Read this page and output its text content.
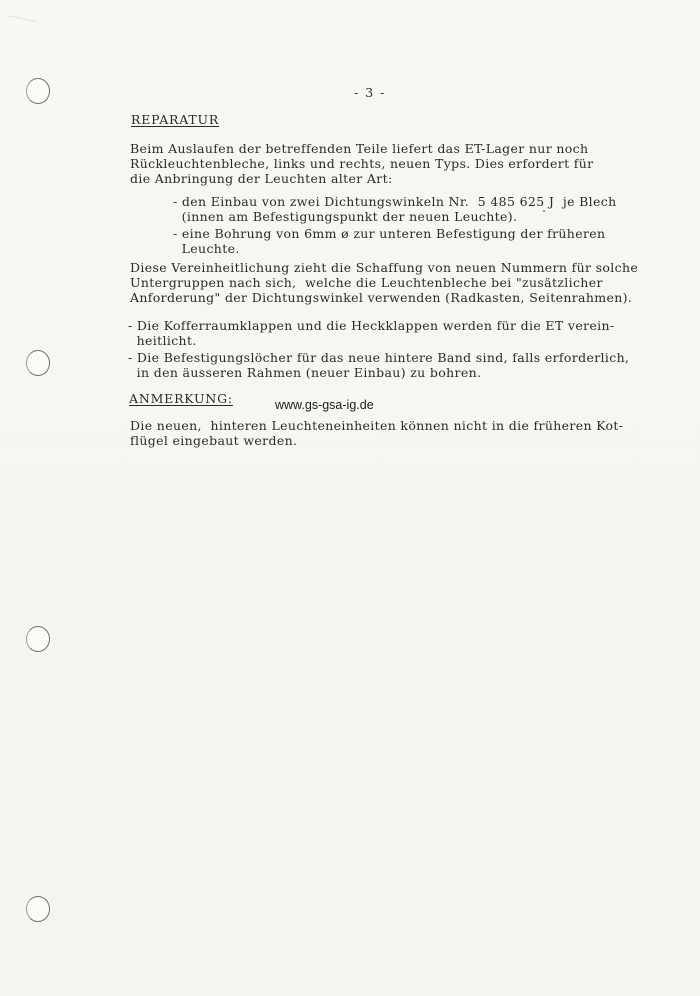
- 3 -
REPARATUR

Beim Auslaufen der betreffenden Teile liefert das ET-Lager nur noch
Rückleuchtenbleche, links und rechts, neuen Typs. Dies erfordert für
die Anbringung der Leuchten alter Art:

- den Einbau von zwei Dichtungswinkeln Nr.  5 485 625 J  je Blech
(innen am Befestigungspunkt der neuen Leuchte).

- eine Bohrung von 6mm ø zur unteren Befestigung der früheren
Leuchte.

Diese Vereinheitlichung zieht die Schaffung von neuen Nummern für solche
Untergruppen nach sich,  welche die Leuchtenbleche bei "zusätzlicher
Anforderung" der Dichtungswinkel verwenden (Radkasten, Seitenrahmen).

- Die Kofferraumklappen und die Heckklappen werden für die ET verein-
heitlicht.

- Die Befestigungslöcher für das neue hintere Band sind, falls erforderlich,
in den äusseren Rahmen (neuer Einbau) zu bohren.

ANMERKUNG:	www.gs-gsa-ig.de

Die neuen,  hinteren Leuchteneinheiten können nicht in die früheren Kot-
flügel eingebaut werden.
